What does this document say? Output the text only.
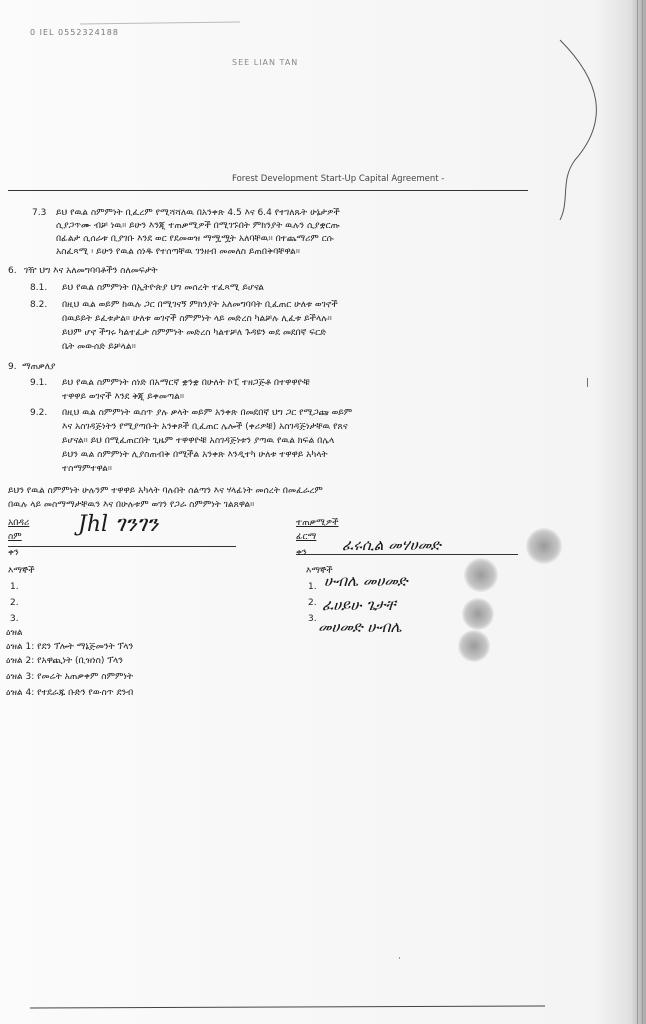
0 IEL 0552324188
SEE LIAN TAN
Forest Development Start-Up Capital Agreement -
7.3 ይህ የዉል ስምምነት ቢፈረም የሚሻሻለዉ በአንቀጽ 4.5 እና 6.4 የተገለጹት ሁኔታዎች
ሲያጋጥሙ ብቻ ነዉ። ይሁን እንጂ ተጠቃሚዎች በሚገኙበት ምክንያት ዉሉን ሲያቋርጡ
በፊልታ ሲሰራቱ ቢያገቡ እንደ ወር የደመወዝ ማሟሟት አለባቸዉ። በተጨማሪም ርሱ
አስፈጻሚ ፡ ይሁን የዉል ሰነዱ የተሰጣቸዉ ገንዘብ መመለስ ይጠበቅባቸዋል።
6. ገዥ ህግ እና አለመግባባቶችን ስለመፍታት
8.1. ይህ የዉል ስምምነት በኢትዮጵያ ህግ መሰረት ተፈጻሚ ይሆናል
8.2. በዚህ ዉል ወይም ከዉሉ ጋር በሚገናኝ ምክንያት አለመግባባት ቢፈጠር ሁለቱ ወገኖች
በዉይይት ይፈቱታል። ሁለቱ ወገኖች ስምምነት ላይ መድረስ ካልቻሉ ሊፈቱ ይችላሉ።
ይህም ሆኖ ችግሩ ካልተፈታ ስምምነት መድረስ ካልተቻለ ጉዳዩን ወደ መደበኛ ፍርድ
ቤት መውሰድ ይቻላል።
9. ማጠቃለያ
9.1. ይህ የዉል ስምምነት ሰነድ በአማርኛ ቋንቋ በሁለት ኮፒ ተዘጋጅቶ በተዋዋዮቹ
ተዋዋይ ወገኖች እንደ ቅጂ ይቀመጣል።
9.2. በዚህ ዉል ስምምነት ዉስጥ ያሉ ቃላት ወይም አንቀጽ በመደበኛ ህግ ጋር የሚጋጩ ወይም
እና አስገዳጅነትን የሚያጣቡት አንቀጾች ቢፈጠር ሌሎች (ቀሪዎቹ) አስገዳጅነታቸዉ የጸና
ይሆናል። ይህ በሚፈጠርበት ጊዜም ተዋዋዮቹ አስገዳጅነቱን ያጣዉ የዉል ክፍል በሌላ
ይህን ዉል ስምምነት ሊያስጠብቅ በሚችል አንቀጽ እንዲተካ ሁለቱ ተዋዋይ አካላት
ተስማምተዋል።
|
ይህን የዉል ስምምነት ሁሉንም ተዋዋይ አካላት ባሉበት ሰልጣን እና ሃላፊነት መሰረት በመፈራረም
በዉሉ ላይ መስማማታቸዉን እና በሁሉቱም ወገን የጋራ ስምምነት ገልጸዋል።
አበዳሪ
ስም	Jhl ገንገን
ቀን
እማኞች
1.
2.
3.
ተጠቃሚዎች
ፊርማ ፈሩሲል መሃሀመድ
ቀን
እማኞች
1. ሁብሌ መሀመድ
2. ፈሀይሁ ጌታቸ
3. መሀመድ ሁብሌ
ዕዝል
ዕዝል 1: የደን ፕሎት ማኔጅመንት ፕላን
ዕዝል 2: የአዋጪነት (ቢዝነስ) ፕላን
ዕዝል 3: የመሬት አጠቃቀም ስምምነት
ዕዝል 4: የተደራጁ ቡድን የውስጥ ደንብ
·
